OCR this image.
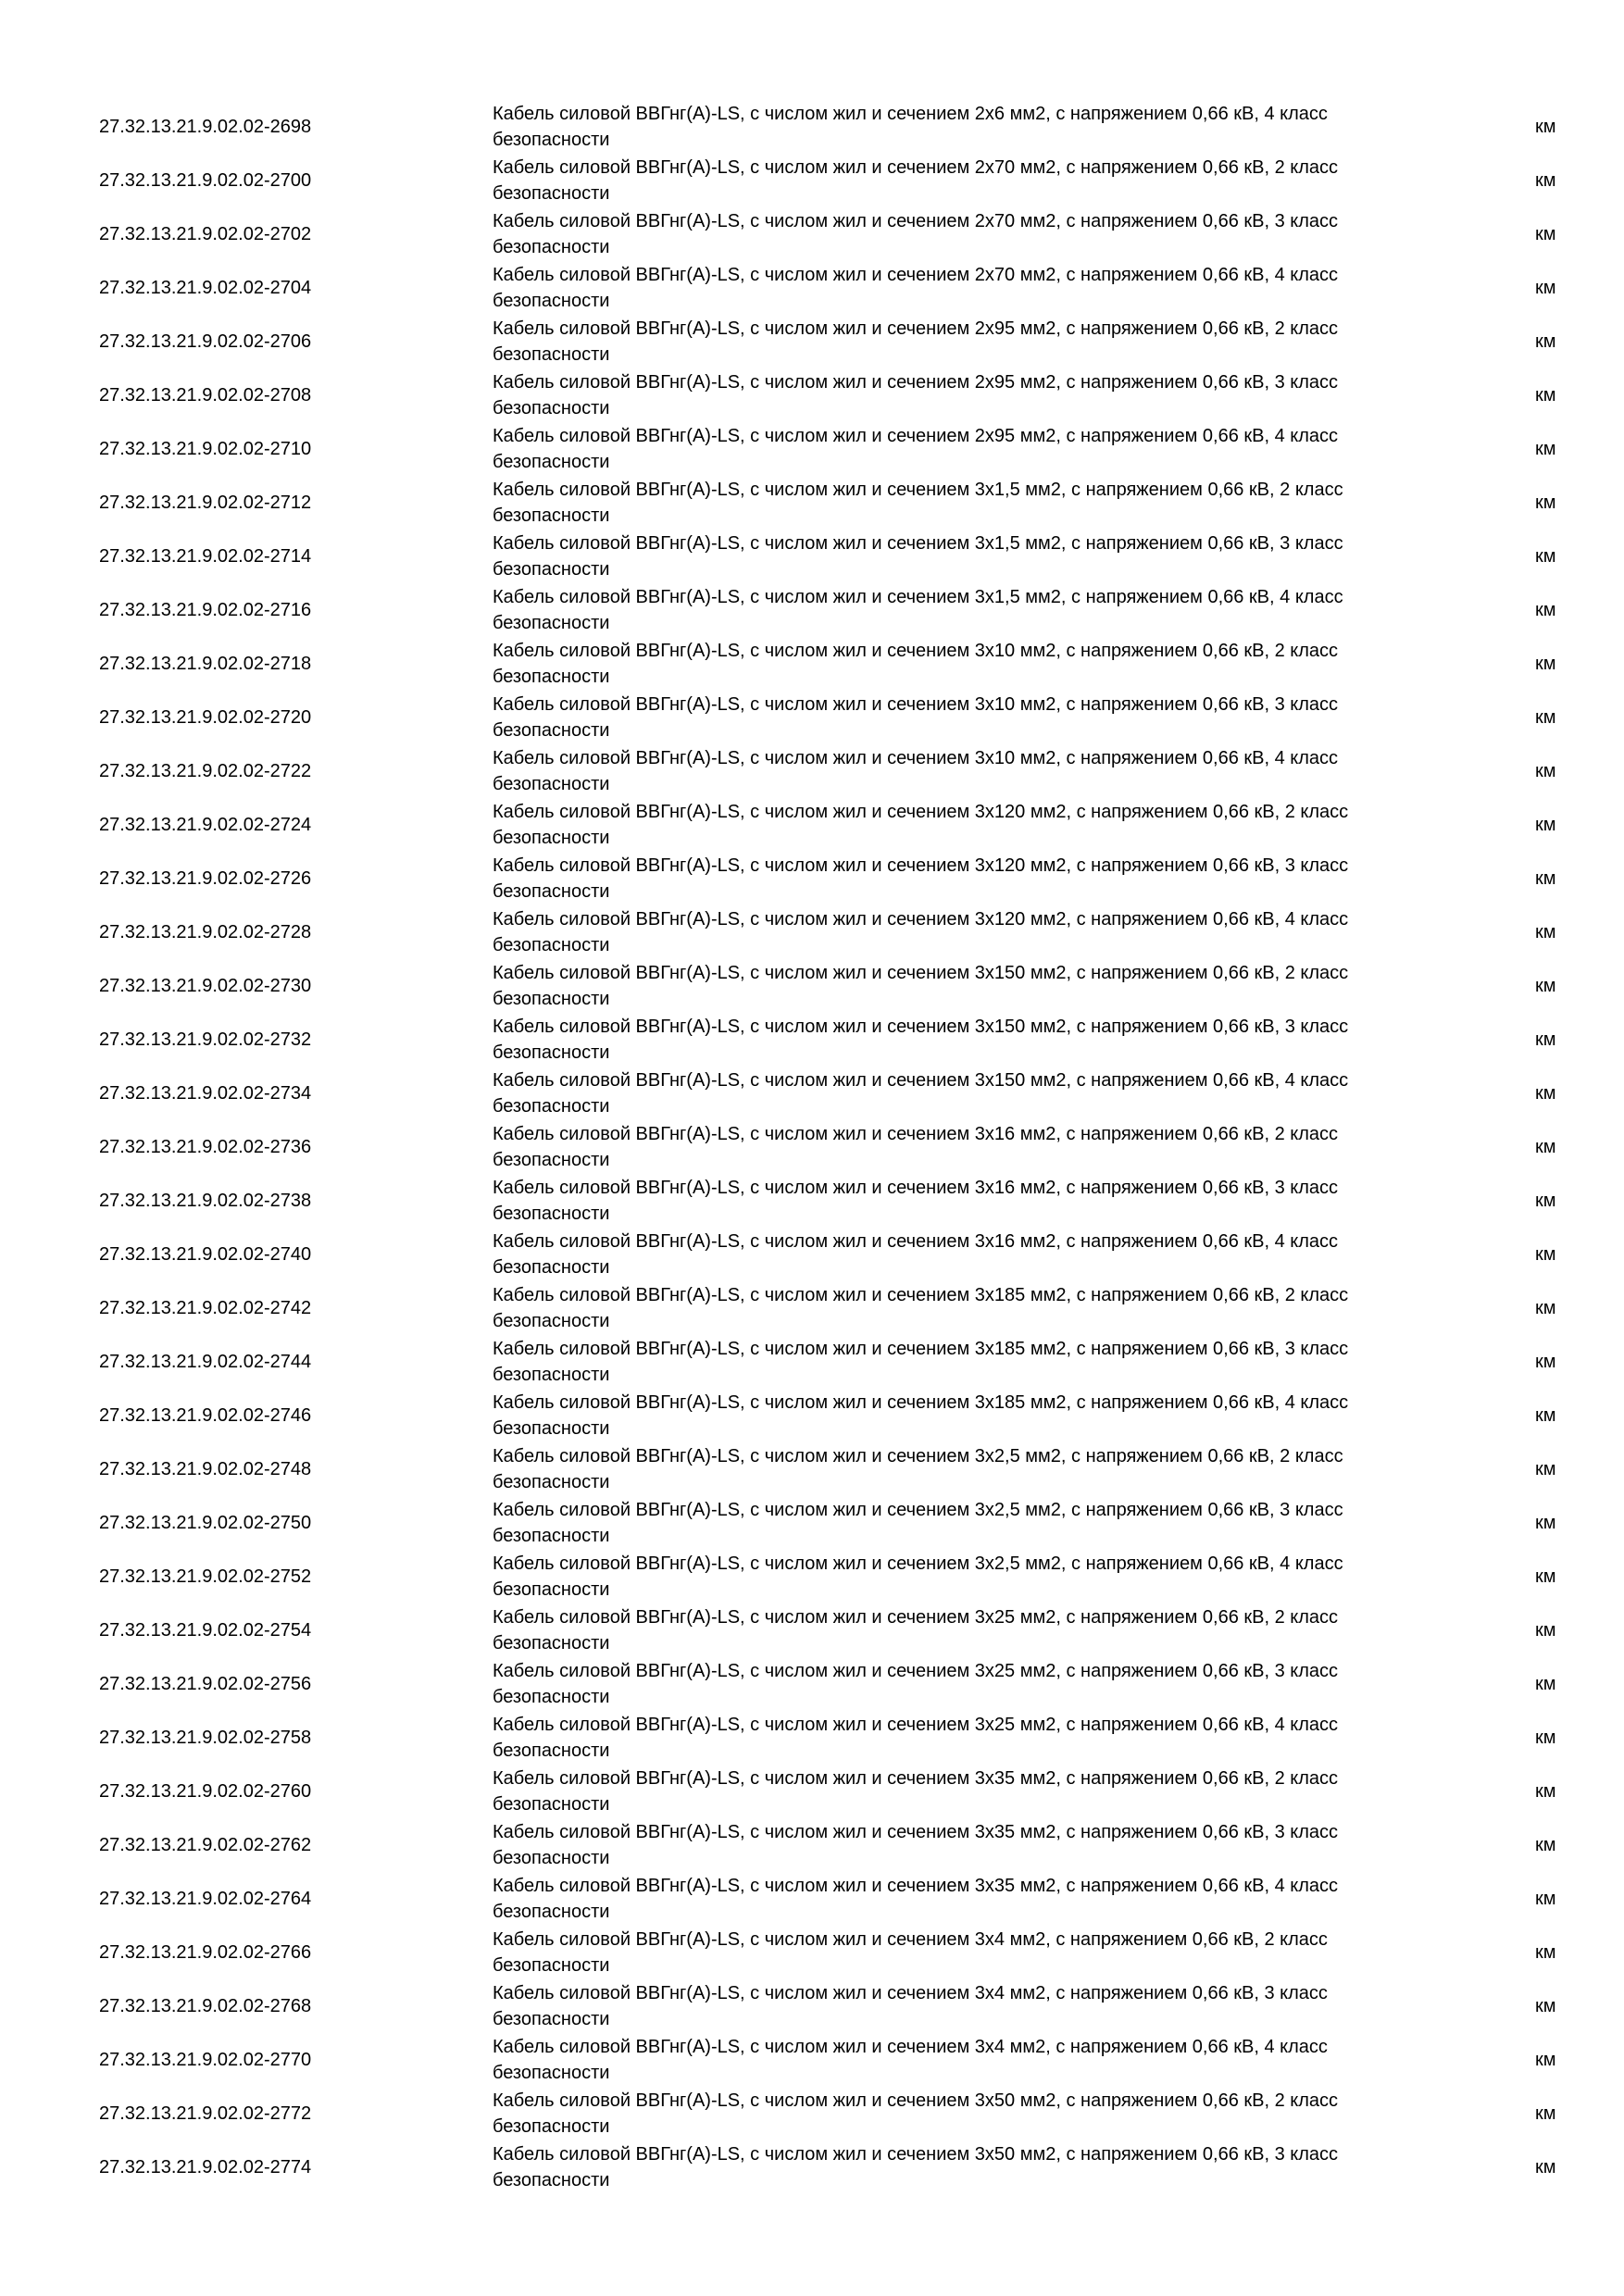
27.32.13.21.9.02.02-2698
Кабель силовой ВВГнг(A)-LS, с числом жил и сечением 2х6 мм2, с напряжением 0,66 кВ, 4 класс
безопасности
км
27.32.13.21.9.02.02-2700
Кабель силовой ВВГнг(A)-LS, с числом жил и сечением 2х70 мм2, с напряжением 0,66 кВ, 2 класс
безопасности
км
27.32.13.21.9.02.02-2702
Кабель силовой ВВГнг(A)-LS, с числом жил и сечением 2х70 мм2, с напряжением 0,66 кВ, 3 класс
безопасности
км
27.32.13.21.9.02.02-2704
Кабель силовой ВВГнг(A)-LS, с числом жил и сечением 2х70 мм2, с напряжением 0,66 кВ, 4 класс
безопасности
км
27.32.13.21.9.02.02-2706
Кабель силовой ВВГнг(A)-LS, с числом жил и сечением 2х95 мм2, с напряжением 0,66 кВ, 2 класс
безопасности
км
27.32.13.21.9.02.02-2708
Кабель силовой ВВГнг(A)-LS, с числом жил и сечением 2х95 мм2, с напряжением 0,66 кВ, 3 класс
безопасности
км
27.32.13.21.9.02.02-2710
Кабель силовой ВВГнг(A)-LS, с числом жил и сечением 2х95 мм2, с напряжением 0,66 кВ, 4 класс
безопасности
км
27.32.13.21.9.02.02-2712
Кабель силовой ВВГнг(A)-LS, с числом жил и сечением 3х1,5 мм2, с напряжением 0,66 кВ, 2 класс
безопасности
км
27.32.13.21.9.02.02-2714
Кабель силовой ВВГнг(A)-LS, с числом жил и сечением 3х1,5 мм2, с напряжением 0,66 кВ, 3 класс
безопасности
км
27.32.13.21.9.02.02-2716
Кабель силовой ВВГнг(A)-LS, с числом жил и сечением 3х1,5 мм2, с напряжением 0,66 кВ, 4 класс
безопасности
км
27.32.13.21.9.02.02-2718
Кабель силовой ВВГнг(A)-LS, с числом жил и сечением 3х10 мм2, с напряжением 0,66 кВ, 2 класс
безопасности
км
27.32.13.21.9.02.02-2720
Кабель силовой ВВГнг(A)-LS, с числом жил и сечением 3х10 мм2, с напряжением 0,66 кВ, 3 класс
безопасности
км
27.32.13.21.9.02.02-2722
Кабель силовой ВВГнг(A)-LS, с числом жил и сечением 3х10 мм2, с напряжением 0,66 кВ, 4 класс
безопасности
км
27.32.13.21.9.02.02-2724
Кабель силовой ВВГнг(A)-LS, с числом жил и сечением 3х120 мм2, с напряжением 0,66 кВ, 2 класс
безопасности
км
27.32.13.21.9.02.02-2726
Кабель силовой ВВГнг(A)-LS, с числом жил и сечением 3х120 мм2, с напряжением 0,66 кВ, 3 класс
безопасности
км
27.32.13.21.9.02.02-2728
Кабель силовой ВВГнг(A)-LS, с числом жил и сечением 3х120 мм2, с напряжением 0,66 кВ, 4 класс
безопасности
км
27.32.13.21.9.02.02-2730
Кабель силовой ВВГнг(A)-LS, с числом жил и сечением 3х150 мм2, с напряжением 0,66 кВ, 2 класс
безопасности
км
27.32.13.21.9.02.02-2732
Кабель силовой ВВГнг(A)-LS, с числом жил и сечением 3х150 мм2, с напряжением 0,66 кВ, 3 класс
безопасности
км
27.32.13.21.9.02.02-2734
Кабель силовой ВВГнг(A)-LS, с числом жил и сечением 3х150 мм2, с напряжением 0,66 кВ, 4 класс
безопасности
км
27.32.13.21.9.02.02-2736
Кабель силовой ВВГнг(A)-LS, с числом жил и сечением 3х16 мм2, с напряжением 0,66 кВ, 2 класс
безопасности
км
27.32.13.21.9.02.02-2738
Кабель силовой ВВГнг(A)-LS, с числом жил и сечением 3х16 мм2, с напряжением 0,66 кВ, 3 класс
безопасности
км
27.32.13.21.9.02.02-2740
Кабель силовой ВВГнг(A)-LS, с числом жил и сечением 3х16 мм2, с напряжением 0,66 кВ, 4 класс
безопасности
км
27.32.13.21.9.02.02-2742
Кабель силовой ВВГнг(A)-LS, с числом жил и сечением 3х185 мм2, с напряжением 0,66 кВ, 2 класс
безопасности
км
27.32.13.21.9.02.02-2744
Кабель силовой ВВГнг(A)-LS, с числом жил и сечением 3х185 мм2, с напряжением 0,66 кВ, 3 класс
безопасности
км
27.32.13.21.9.02.02-2746
Кабель силовой ВВГнг(A)-LS, с числом жил и сечением 3х185 мм2, с напряжением 0,66 кВ, 4 класс
безопасности
км
27.32.13.21.9.02.02-2748
Кабель силовой ВВГнг(A)-LS, с числом жил и сечением 3х2,5 мм2, с напряжением 0,66 кВ, 2 класс
безопасности
км
27.32.13.21.9.02.02-2750
Кабель силовой ВВГнг(A)-LS, с числом жил и сечением 3х2,5 мм2, с напряжением 0,66 кВ, 3 класс
безопасности
км
27.32.13.21.9.02.02-2752
Кабель силовой ВВГнг(A)-LS, с числом жил и сечением 3х2,5 мм2, с напряжением 0,66 кВ, 4 класс
безопасности
км
27.32.13.21.9.02.02-2754
Кабель силовой ВВГнг(A)-LS, с числом жил и сечением 3х25 мм2, с напряжением 0,66 кВ, 2 класс
безопасности
км
27.32.13.21.9.02.02-2756
Кабель силовой ВВГнг(A)-LS, с числом жил и сечением 3х25 мм2, с напряжением 0,66 кВ, 3 класс
безопасности
км
27.32.13.21.9.02.02-2758
Кабель силовой ВВГнг(A)-LS, с числом жил и сечением 3х25 мм2, с напряжением 0,66 кВ, 4 класс
безопасности
км
27.32.13.21.9.02.02-2760
Кабель силовой ВВГнг(A)-LS, с числом жил и сечением 3х35 мм2, с напряжением 0,66 кВ, 2 класс
безопасности
км
27.32.13.21.9.02.02-2762
Кабель силовой ВВГнг(A)-LS, с числом жил и сечением 3х35 мм2, с напряжением 0,66 кВ, 3 класс
безопасности
км
27.32.13.21.9.02.02-2764
Кабель силовой ВВГнг(A)-LS, с числом жил и сечением 3х35 мм2, с напряжением 0,66 кВ, 4 класс
безопасности
км
27.32.13.21.9.02.02-2766
Кабель силовой ВВГнг(A)-LS, с числом жил и сечением 3х4 мм2, с напряжением 0,66 кВ, 2 класс
безопасности
км
27.32.13.21.9.02.02-2768
Кабель силовой ВВГнг(A)-LS, с числом жил и сечением 3х4 мм2, с напряжением 0,66 кВ, 3 класс
безопасности
км
27.32.13.21.9.02.02-2770
Кабель силовой ВВГнг(A)-LS, с числом жил и сечением 3х4 мм2, с напряжением 0,66 кВ, 4 класс
безопасности
км
27.32.13.21.9.02.02-2772
Кабель силовой ВВГнг(A)-LS, с числом жил и сечением 3х50 мм2, с напряжением 0,66 кВ, 2 класс
безопасности
км
27.32.13.21.9.02.02-2774
Кабель силовой ВВГнг(A)-LS, с числом жил и сечением 3х50 мм2, с напряжением 0,66 кВ, 3 класс
безопасности
км
